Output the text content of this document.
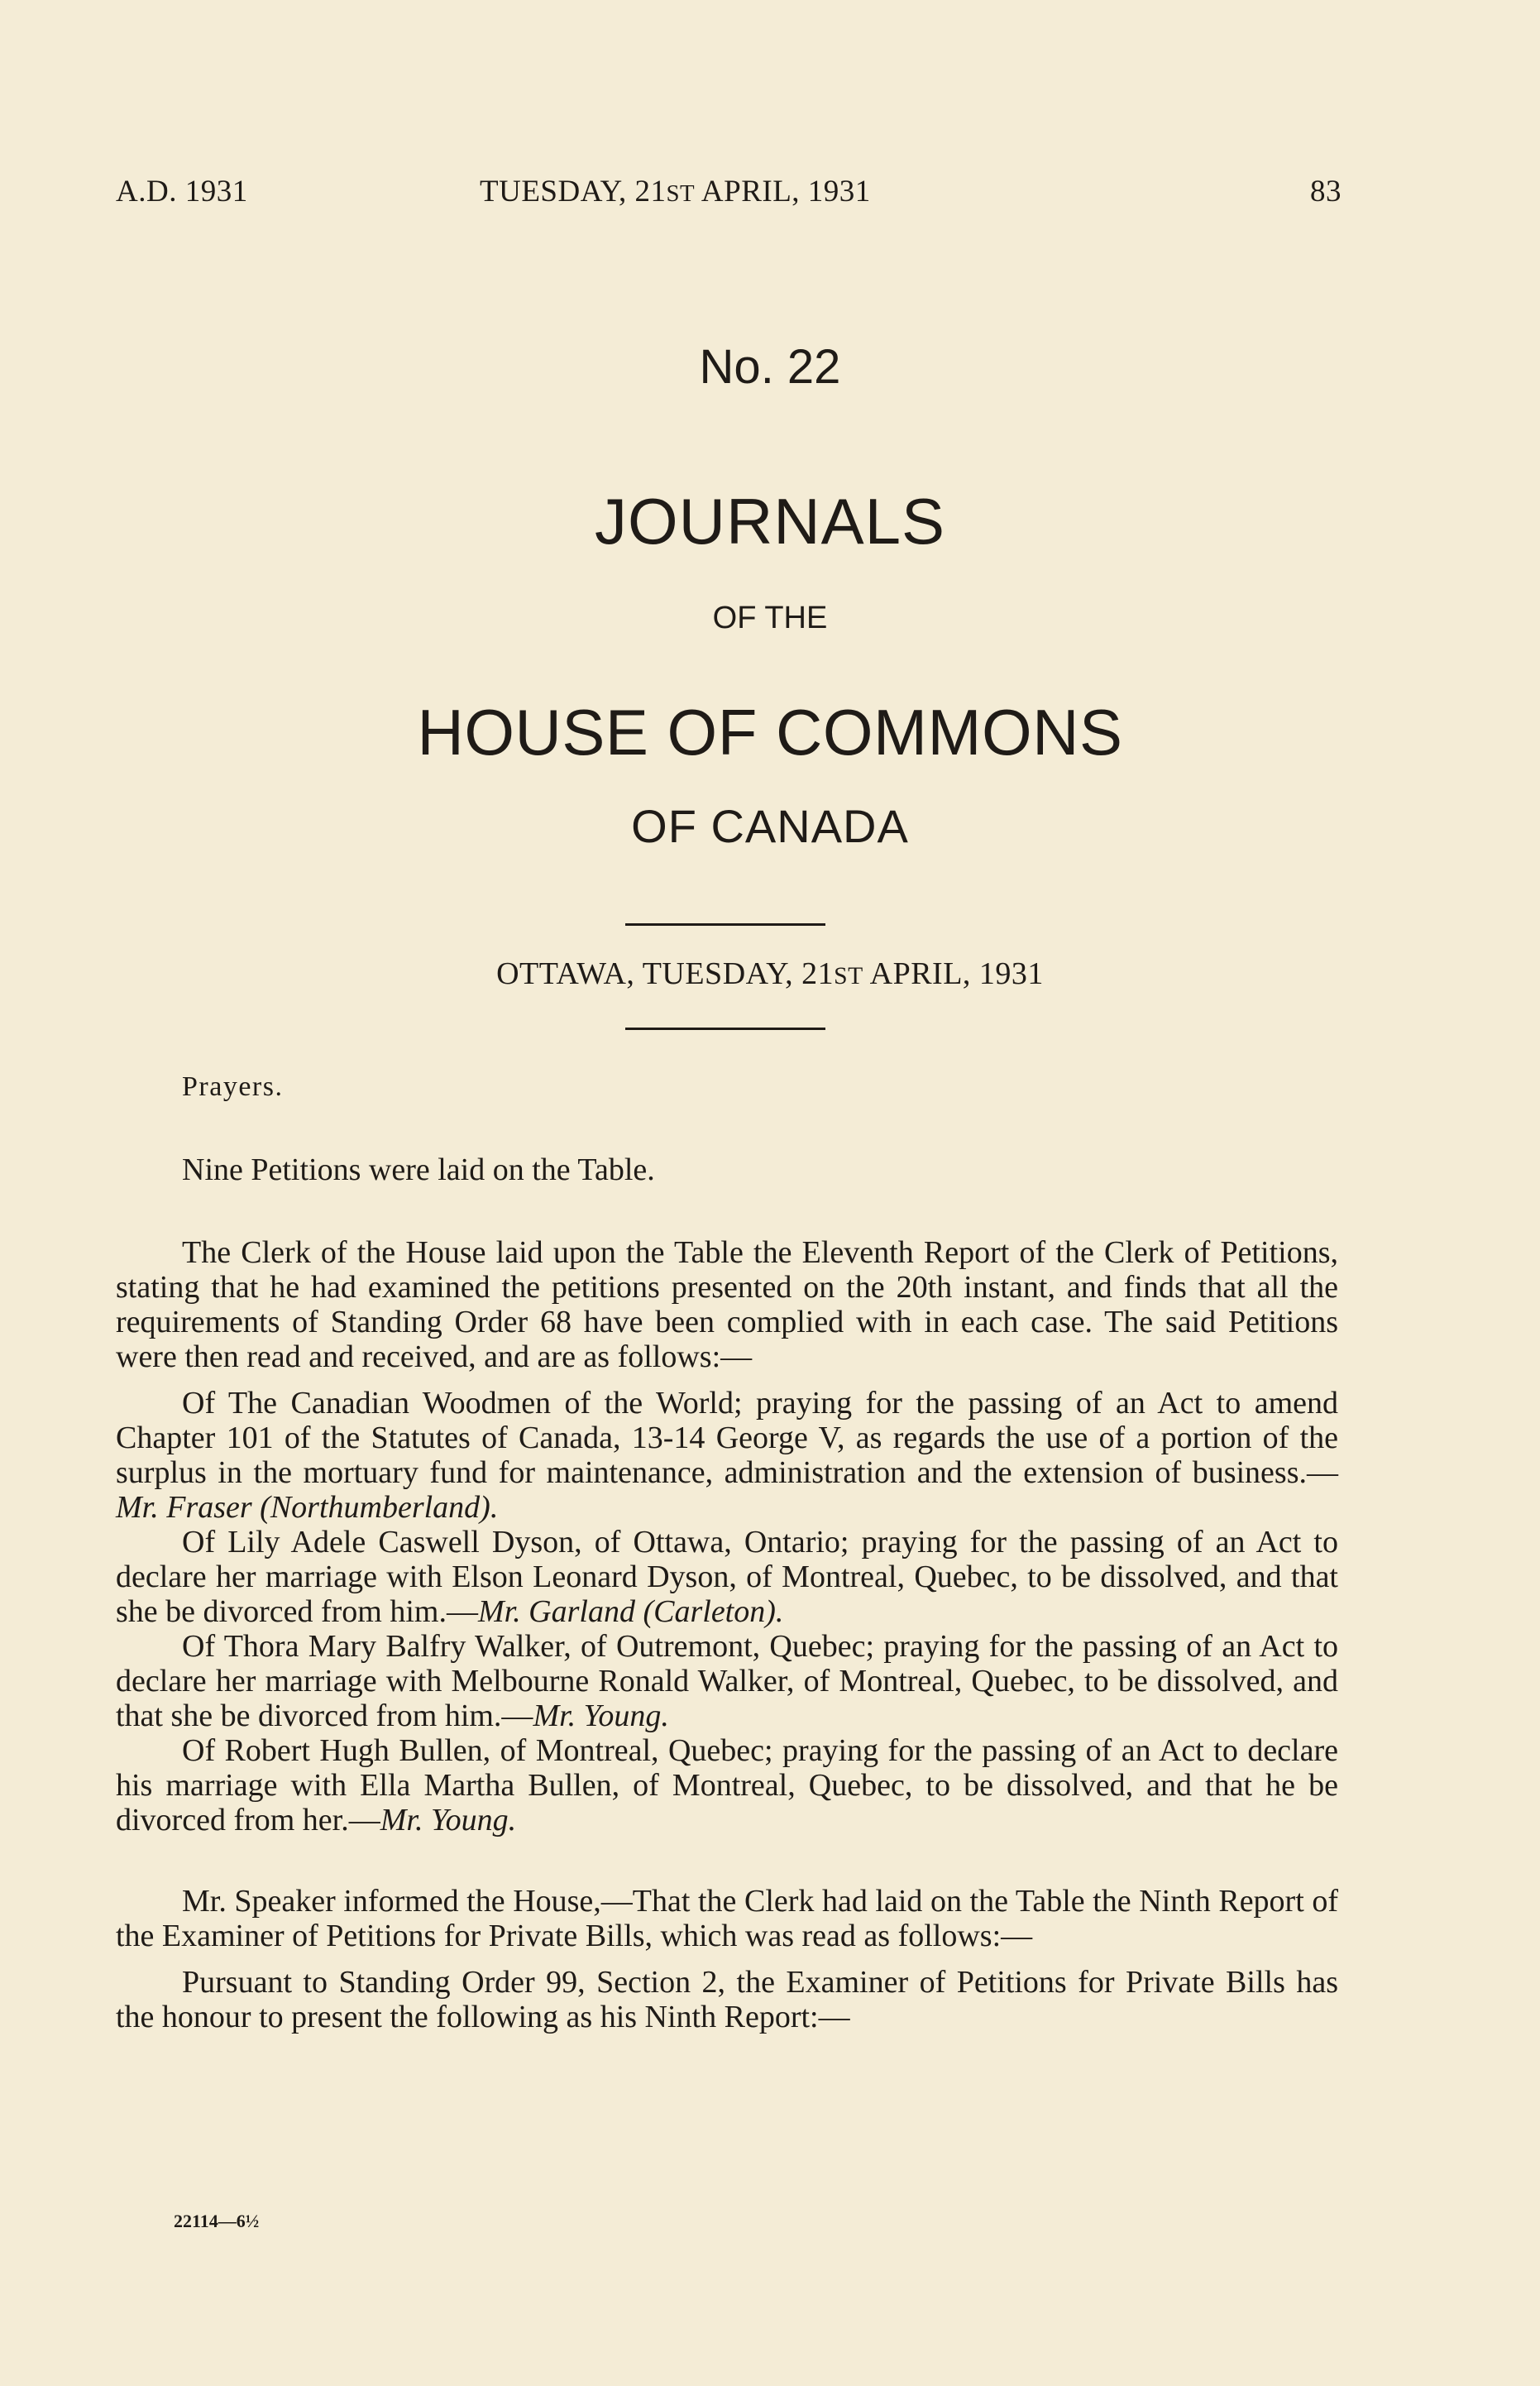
A.D. 1931	TUESDAY, 21ST APRIL, 1931	83
No. 22
JOURNALS
OF THE
HOUSE OF COMMONS
OF CANADA
OTTAWA, TUESDAY, 21ST APRIL, 1931

Prayers.

Nine Petitions were laid on the Table.

The Clerk of the House laid upon the Table the Eleventh Report of the Clerk of Petitions, stating that he had examined the petitions presented on the 20th instant, and finds that all the requirements of Standing Order 68 have been complied with in each case. The said Petitions were then read and received, and are as follows:—

Of The Canadian Woodmen of the World; praying for the passing of an Act to amend Chapter 101 of the Statutes of Canada, 13-14 George V, as regards the use of a portion of the surplus in the mortuary fund for maintenance, administration and the extension of business.—Mr. Fraser (Northumberland).

Of Lily Adele Caswell Dyson, of Ottawa, Ontario; praying for the passing of an Act to declare her marriage with Elson Leonard Dyson, of Montreal, Quebec, to be dissolved, and that she be divorced from him.—Mr. Garland (Carleton).

Of Thora Mary Balfry Walker, of Outremont, Quebec; praying for the passing of an Act to declare her marriage with Melbourne Ronald Walker, of Montreal, Quebec, to be dissolved, and that she be divorced from him.—Mr. Young.

Of Robert Hugh Bullen, of Montreal, Quebec; praying for the passing of an Act to declare his marriage with Ella Martha Bullen, of Montreal, Quebec, to be dissolved, and that he be divorced from her.—Mr. Young.

Mr. Speaker informed the House,—That the Clerk had laid on the Table the Ninth Report of the Examiner of Petitions for Private Bills, which was read as follows:—

Pursuant to Standing Order 99, Section 2, the Examiner of Petitions for Private Bills has the honour to present the following as his Ninth Report:—

22114—6½
